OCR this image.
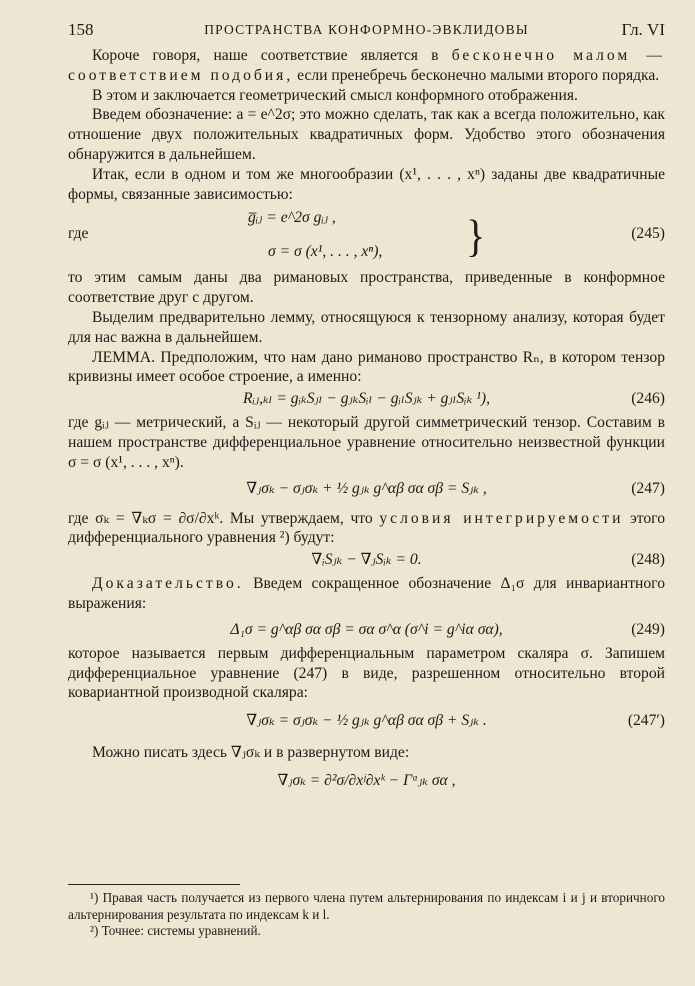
158	ПРОСТРАНСТВА КОНФОРМНО-ЭВКЛИДОВЫ	Гл. VI

Короче говоря, наше соответствие является в бесконечно малом — соответствием подобия, если пренебречь бесконечно малыми второго порядка.

В этом и заключается геометрический смысл конформного отображения.

Введем обозначение: a = e^2σ; это можно сделать, так как a всегда положительно, как отношение двух положительных квадратичных форм. Удобство этого обозначения обнаружится в дальнейшем.

Итак, если в одном и том же многообразии (x¹, . . . , xⁿ) заданы две квадратичные формы, связанные зависимостью:

g̅ᵢⱼ = e^2σ gᵢⱼ ,
где
σ = σ (x¹, . . . , xⁿ), }	(245)

то этим самым даны два римановых пространства, приведенные в конформное соответствие друг с другом.

Выделим предварительно лемму, относящуюся к тензорному анализу, которая будет для нас важна в дальнейшем.

ЛЕММА. Предположим, что нам дано риманово пространство Rₙ, в котором тензор кривизны имеет особое строение, а именно:

Rᵢⱼ,ₖₗ = gᵢₖSⱼₗ − gⱼₖSᵢₗ − gᵢₗSⱼₖ + gⱼₗSᵢₖ ¹),	(246)

где gᵢⱼ — метрический, а Sᵢⱼ — некоторый другой симметрический тензор. Составим в нашем пространстве дифференциальное уравнение относительно неизвестной функции σ = σ (x¹, . . . , xⁿ).

∇ⱼσₖ − σⱼσₖ + ½ gⱼₖ g^αβ σα σβ = Sⱼₖ ,	(247)

где σₖ = ∇ₖσ = ∂σ/∂xᵏ. Мы утверждаем, что условия интегрируемости этого дифференциального уравнения ²) будут:

∇ᵢSⱼₖ − ∇ⱼSᵢₖ = 0.	(248)

Доказательство. Введем сокращенное обозначение Δ₁σ для инвариантного выражения:

Δ₁σ = g^αβ σα σβ = σα σ^α (σ^i = g^iα σα),	(249)

которое называется первым дифференциальным параметром скаляра σ. Запишем дифференциальное уравнение (247) в виде, разрешенном относительно второй ковариантной производной скаляра:

∇ⱼσₖ = σⱼσₖ − ½ gⱼₖ g^αβ σα σβ + Sⱼₖ .	(247′)

Можно писать здесь ∇ⱼσₖ и в развернутом виде:

∇ⱼσₖ = ∂²σ/∂xʲ∂xᵏ − Γᵅⱼₖ σα ,

¹) Правая часть получается из первого члена путем альтернирования по индексам i и j и вторичного альтернирования результата по индексам k и l.

²) Точнее: системы уравнений.
